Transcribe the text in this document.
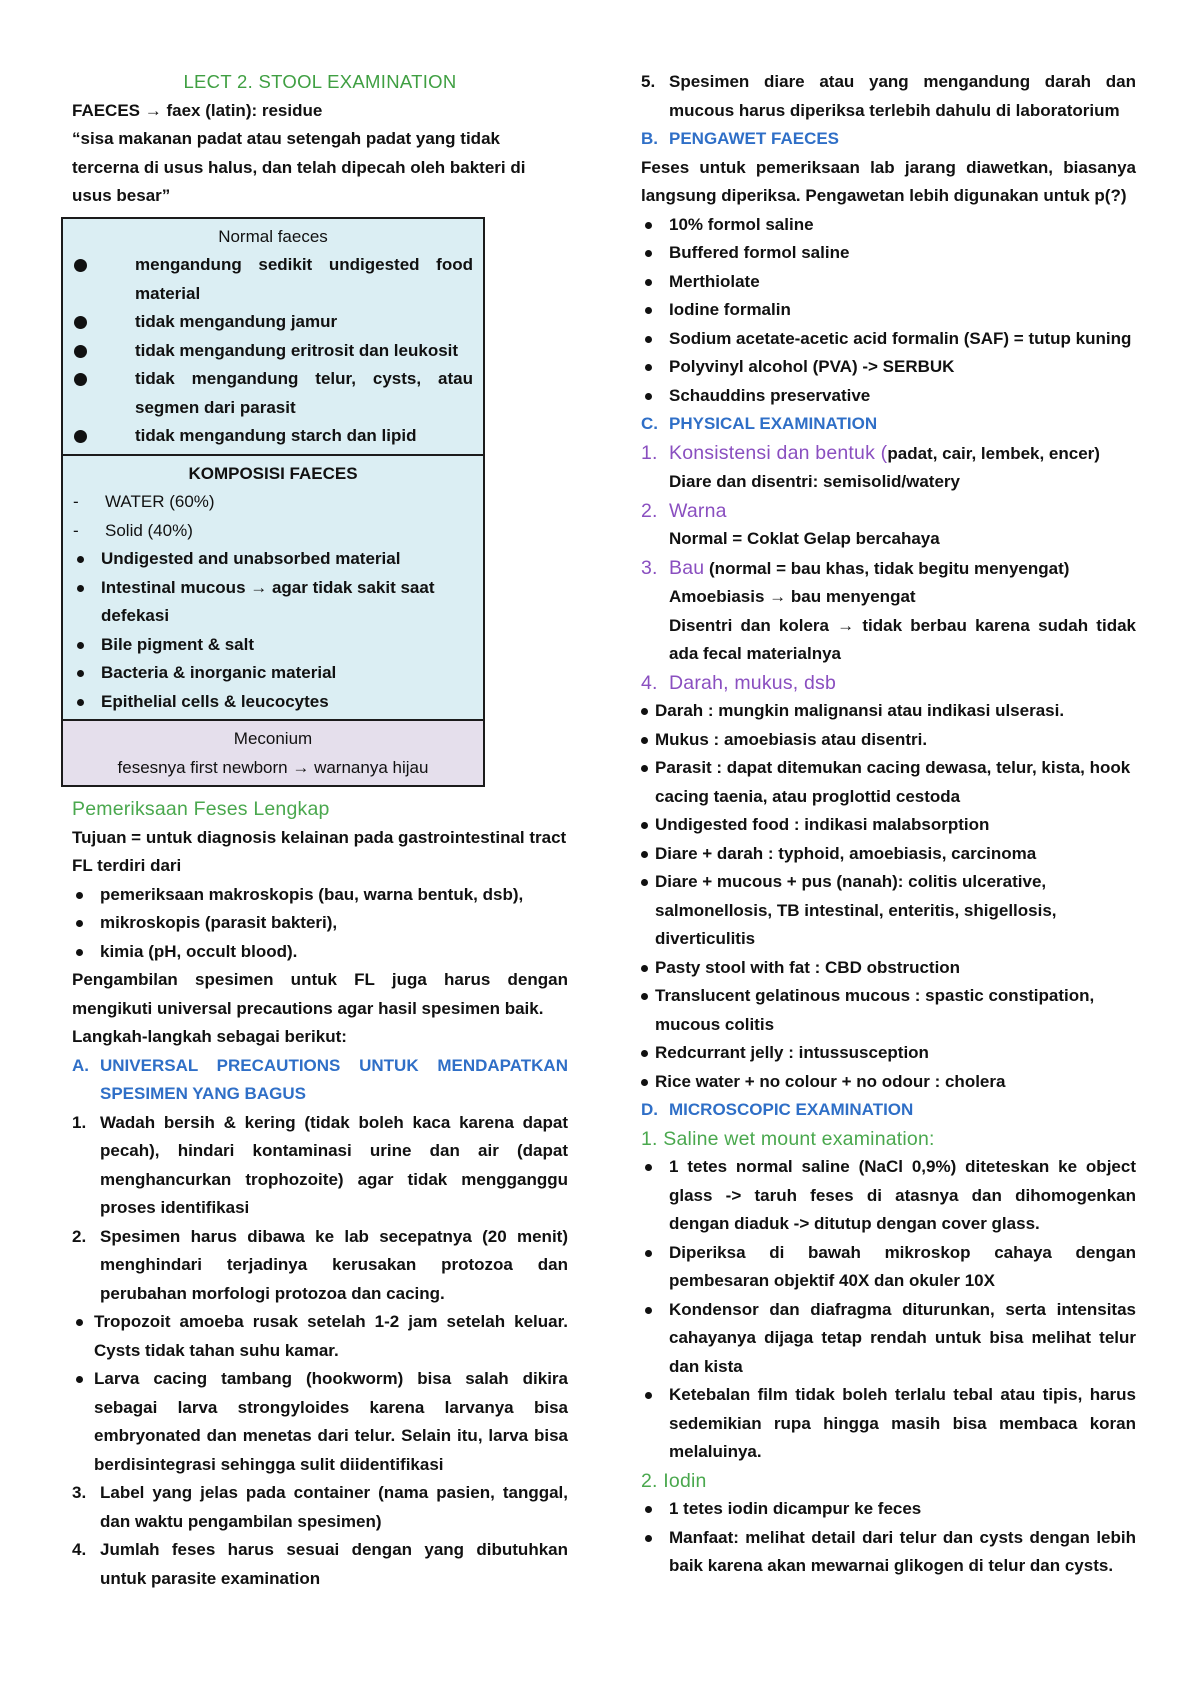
LECT 2. STOOL EXAMINATION

FAECES → faex (latin): residue

“sisa makanan padat atau setengah padat yang tidak tercerna di usus halus, dan telah dipecah oleh bakteri di usus besar”

Normal faeces

mengandung sedikit undigested food material
tidak mengandung jamur
tidak mengandung eritrosit dan leukosit
tidak mengandung telur, cysts, atau segmen dari parasit
tidak mengandung starch dan lipid

KOMPOSISI FAECES

-	WATER (60%)
-	Solid (40%)
Undigested and unabsorbed material
Intestinal mucous → agar tidak sakit saat defekasi
Bile pigment & salt
Bacteria & inorganic material
Epithelial cells & leucocytes

Meconium

fesesnya first newborn → warnanya hijau

Pemeriksaan Feses Lengkap

Tujuan = untuk diagnosis kelainan pada gastrointestinal tract

FL terdiri dari

pemeriksaan makroskopis (bau, warna bentuk, dsb),
mikroskopis (parasit bakteri),
kimia (pH, occult blood).

Pengambilan spesimen untuk FL juga harus dengan mengikuti universal precautions agar hasil spesimen baik.

Langkah-langkah sebagai berikut:

A. UNIVERSAL PRECAUTIONS UNTUK MENDAPATKAN SPESIMEN YANG BAGUS
1. Wadah bersih & kering (tidak boleh kaca karena dapat pecah), hindari kontaminasi urine dan air (dapat menghancurkan trophozoite) agar tidak mengganggu proses identifikasi
2. Spesimen harus dibawa ke lab secepatnya (20 menit) menghindari terjadinya kerusakan protozoa dan perubahan morfologi protozoa dan cacing.
Tropozoit amoeba rusak setelah 1-2 jam setelah keluar. Cysts tidak tahan suhu kamar.
Larva cacing tambang (hookworm) bisa salah dikira sebagai larva strongyloides karena larvanya bisa embryonated dan menetas dari telur. Selain itu, larva bisa berdisintegrasi sehingga sulit diidentifikasi
3. Label yang jelas pada container (nama pasien, tanggal, dan waktu pengambilan spesimen)
4. Jumlah feses harus sesuai dengan yang dibutuhkan untuk parasite examination
5. Spesimen diare atau yang mengandung darah dan mucous harus diperiksa terlebih dahulu di laboratorium
B. PENGAWET FAECES

Feses untuk pemeriksaan lab jarang diawetkan, biasanya langsung diperiksa. Pengawetan lebih digunakan untuk p(?)

10% formol saline
Buffered formol saline
Merthiolate
Iodine formalin
Sodium acetate-acetic acid formalin (SAF) = tutup kuning
Polyvinyl alcohol (PVA) -> SERBUK
Schauddins preservative
C. PHYSICAL EXAMINATION
1. Konsistensi dan bentuk (padat, cair, lembek, encer)

Diare dan disentri: semisolid/watery

2. Warna

Normal = Coklat Gelap bercahaya

3. Bau (normal = bau khas, tidak begitu menyengat)

Amoebiasis → bau menyengat

Disentri dan kolera → tidak berbau karena sudah tidak ada fecal materialnya

4. Darah, mukus, dsb
Darah : mungkin malignansi atau indikasi ulserasi.
Mukus : amoebiasis atau disentri.
Parasit : dapat ditemukan cacing dewasa, telur, kista, hook cacing taenia, atau proglottid cestoda
Undigested food : indikasi malabsorption
Diare + darah : typhoid, amoebiasis, carcinoma
Diare + mucous + pus (nanah): colitis ulcerative, salmonellosis, TB intestinal, enteritis, shigellosis, diverticulitis
Pasty stool with fat : CBD obstruction
Translucent gelatinous mucous : spastic constipation, mucous colitis
Redcurrant jelly : intussusception
Rice water + no colour + no odour : cholera
D. MICROSCOPIC EXAMINATION

1. Saline wet mount examination:

1 tetes normal saline (NaCl 0,9%) diteteskan ke object glass -> taruh feses di atasnya dan dihomogenkan dengan diaduk -> ditutup dengan cover glass.
Diperiksa di bawah mikroskop cahaya dengan pembesaran objektif 40X dan okuler 10X
Kondensor dan diafragma diturunkan, serta intensitas cahayanya dijaga tetap rendah untuk bisa melihat telur dan kista
Ketebalan film tidak boleh terlalu tebal atau tipis, harus sedemikian rupa hingga masih bisa membaca koran melaluinya.

2. Iodin

1 tetes iodin dicampur ke feces
Manfaat: melihat detail dari telur dan cysts dengan lebih baik karena akan mewarnai glikogen di telur dan cysts.
